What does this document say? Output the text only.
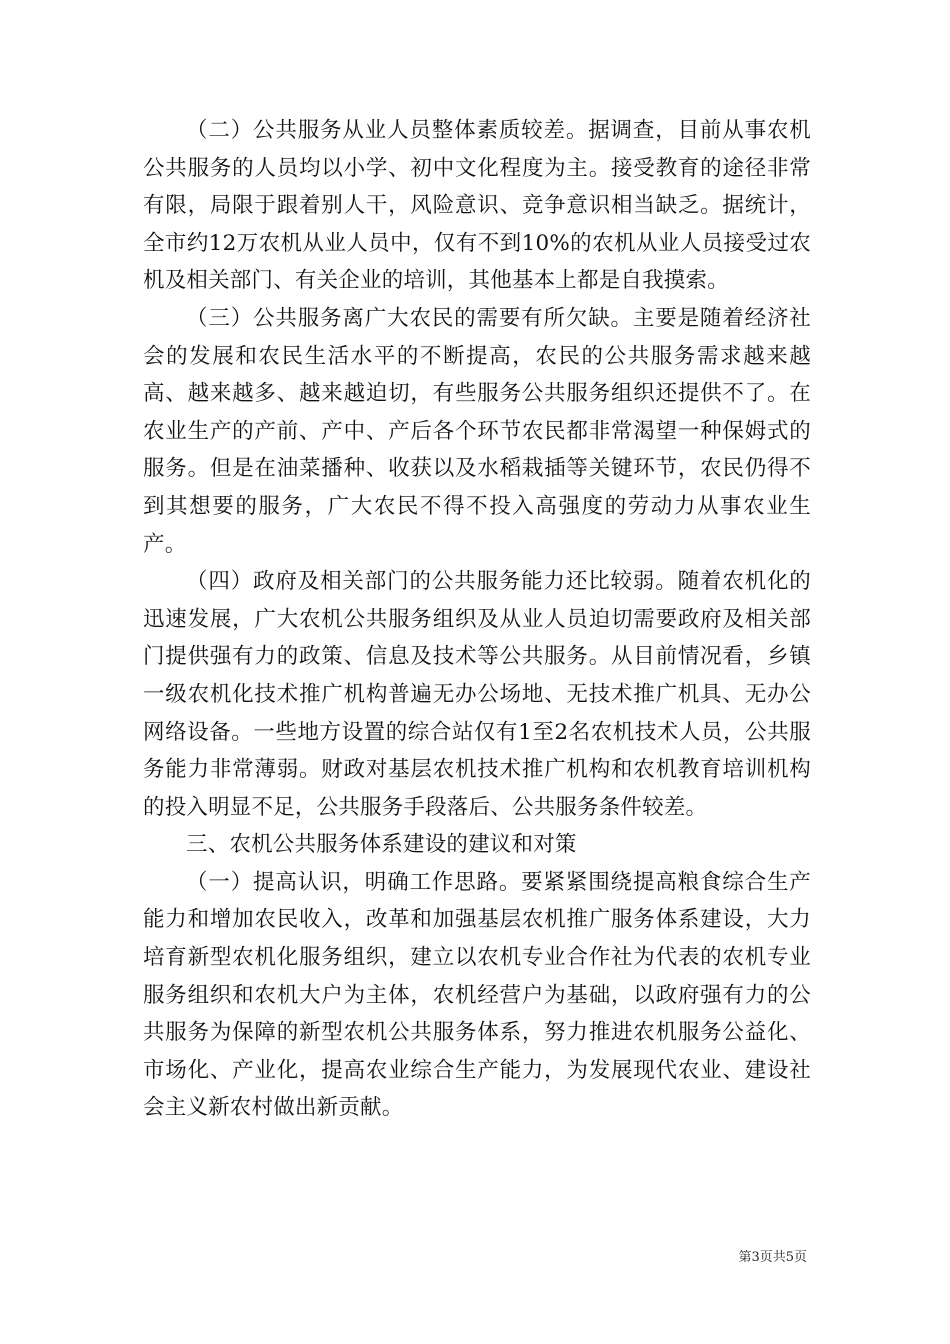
（二）公共服务从业人员整体素质较差。据调查，目前从事农机公共服务的人员均以小学、初中文化程度为主。接受教育的途径非常有限，局限于跟着别人干，风险意识、竞争意识相当缺乏。据统计，全市约12万农机从业人员中，仅有不到10%的农机从业人员接受过农机及相关部门、有关企业的培训，其他基本上都是自我摸索。

（三）公共服务离广大农民的需要有所欠缺。主要是随着经济社会的发展和农民生活水平的不断提高，农民的公共服务需求越来越高、越来越多、越来越迫切，有些服务公共服务组织还提供不了。在农业生产的产前、产中、产后各个环节农民都非常渴望一种保姆式的服务。但是在油菜播种、收获以及水稻栽插等关键环节，农民仍得不到其想要的服务，广大农民不得不投入高强度的劳动力从事农业生产。

（四）政府及相关部门的公共服务能力还比较弱。随着农机化的迅速发展，广大农机公共服务组织及从业人员迫切需要政府及相关部门提供强有力的政策、信息及技术等公共服务。从目前情况看，乡镇一级农机化技术推广机构普遍无办公场地、无技术推广机具、无办公网络设备。一些地方设置的综合站仅有1至2名农机技术人员，公共服务能力非常薄弱。财政对基层农机技术推广机构和农机教育培训机构的投入明显不足，公共服务手段落后、公共服务条件较差。

三、农机公共服务体系建设的建议和对策

（一）提高认识，明确工作思路。要紧紧围绕提高粮食综合生产能力和增加农民收入，改革和加强基层农机推广服务体系建设，大力培育新型农机化服务组织，建立以农机专业合作社为代表的农机专业服务组织和农机大户为主体，农机经营户为基础，以政府强有力的公共服务为保障的新型农机公共服务体系，努力推进农机服务公益化、市场化、产业化，提高农业综合生产能力，为发展现代农业、建设社会主义新农村做出新贡献。

第3页共5页
